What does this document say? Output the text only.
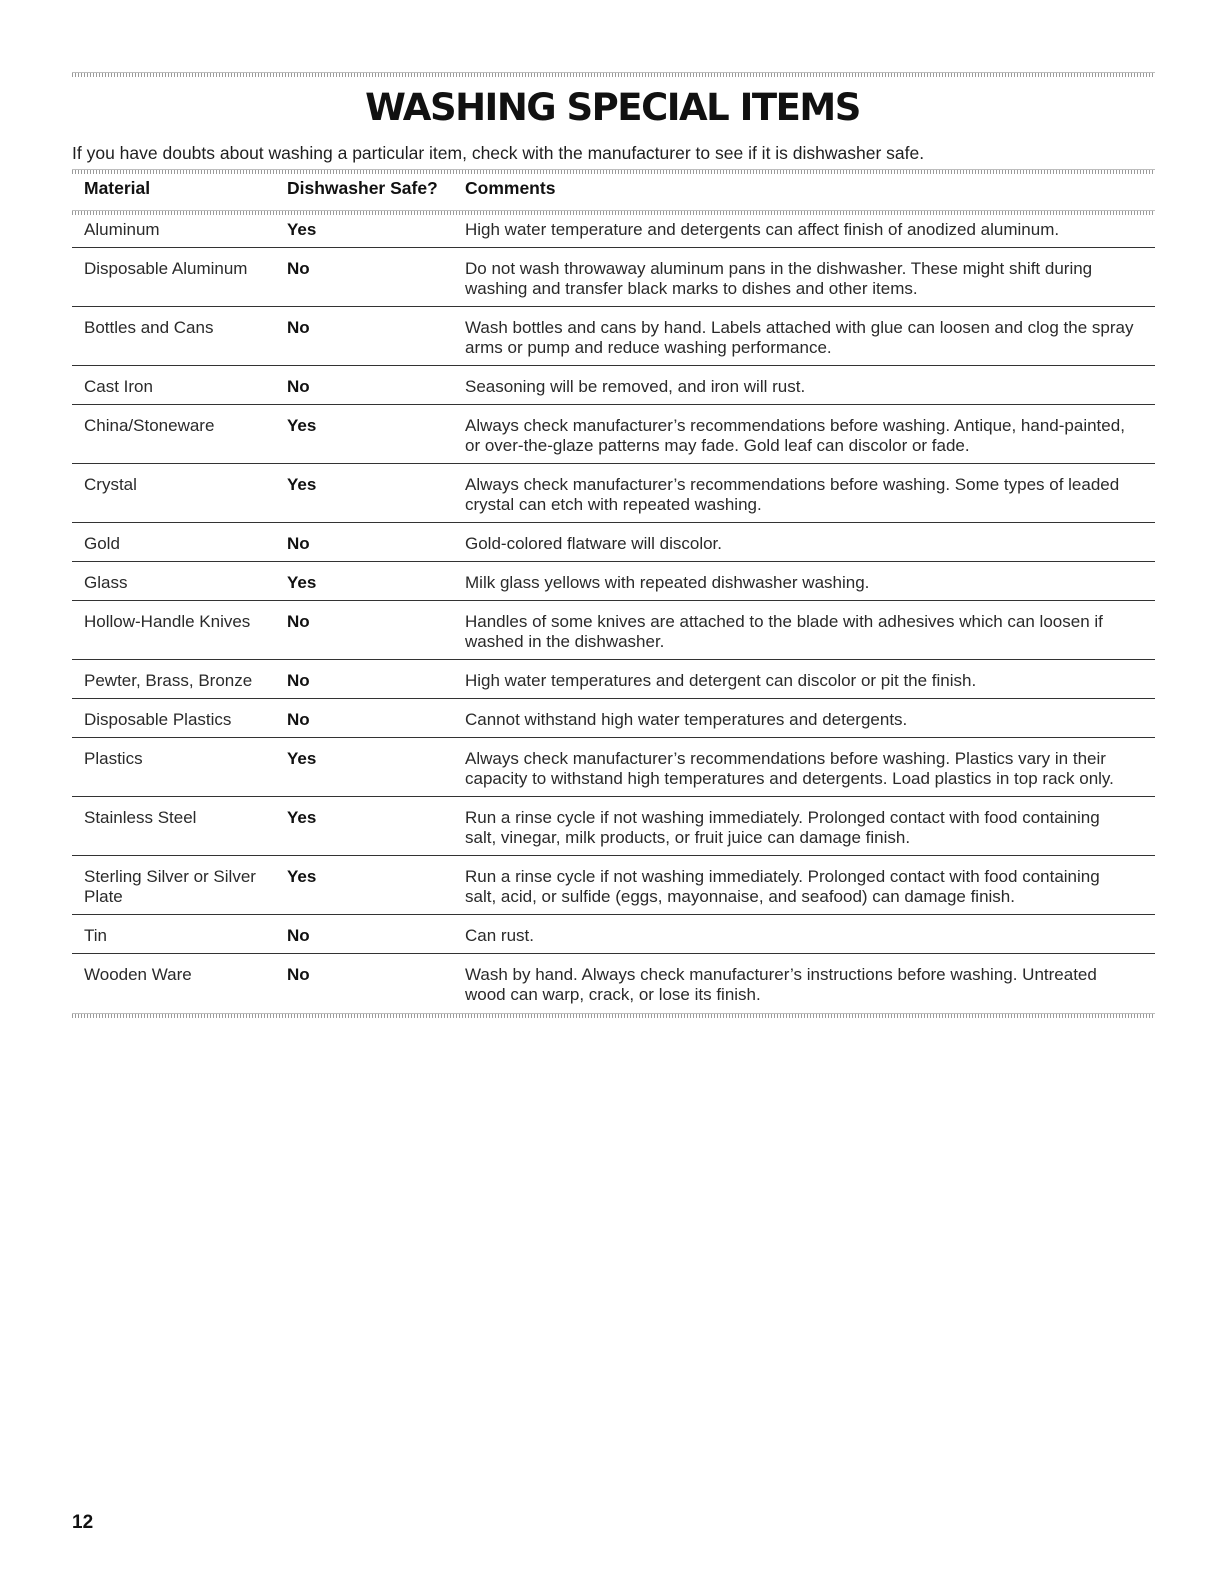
WASHING SPECIAL ITEMS

If you have doubts about washing a particular item, check with the manufacturer to see if it is dishwasher safe.

Material	Dishwasher Safe?	Comments
Aluminum	Yes	High water temperature and detergents can affect finish of anodized aluminum.
Disposable Aluminum	No	Do not wash throwaway aluminum pans in the dishwasher. These might shift during washing and transfer black marks to dishes and other items.
Bottles and Cans	No	Wash bottles and cans by hand. Labels attached with glue can loosen and clog the spray arms or pump and reduce washing performance.
Cast Iron	No	Seasoning will be removed, and iron will rust.
China/Stoneware	Yes	Always check manufacturer’s recommendations before washing. Antique, hand-painted, or over-the-glaze patterns may fade. Gold leaf can discolor or fade.
Crystal	Yes	Always check manufacturer’s recommendations before washing. Some types of leaded crystal can etch with repeated washing.
Gold	No	Gold-colored flatware will discolor.
Glass	Yes	Milk glass yellows with repeated dishwasher washing.
Hollow-Handle Knives	No	Handles of some knives are attached to the blade with adhesives which can loosen if washed in the dishwasher.
Pewter, Brass, Bronze	No	High water temperatures and detergent can discolor or pit the finish.
Disposable Plastics	No	Cannot withstand high water temperatures and detergents.
Plastics	Yes	Always check manufacturer’s recommendations before washing. Plastics vary in their capacity to withstand high temperatures and detergents. Load plastics in top rack only.
Stainless Steel	Yes	Run a rinse cycle if not washing immediately. Prolonged contact with food containing salt, vinegar, milk products, or fruit juice can damage finish.
Sterling Silver or Silver Plate	Yes	Run a rinse cycle if not washing immediately. Prolonged contact with food containing salt, acid, or sulfide (eggs, mayonnaise, and seafood) can damage finish.
Tin	No	Can rust.
Wooden Ware	No	Wash by hand. Always check manufacturer’s instructions before washing. Untreated wood can warp, crack, or lose its finish.

12
